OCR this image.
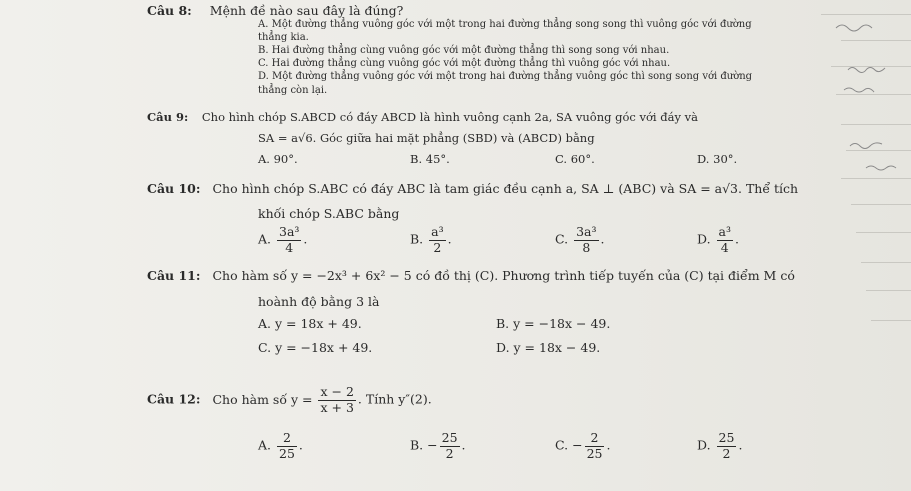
Câu 8: Mệnh đề nào sau đây là đúng?
A. Một đường thẳng vuông góc với một trong hai đường thẳng song song thì vuông góc với đường
thẳng kia.
B. Hai đường thẳng cùng vuông góc với một đường thẳng thì song song với nhau.
C. Hai đường thẳng cùng vuông góc với một đường thẳng thì vuông góc với nhau.
D. Một đường thẳng vuông góc với một trong hai đường thẳng vuông góc thì song song với đường
thẳng còn lại.
Câu 9: Cho hình chóp S.ABCD có đáy ABCD là hình vuông cạnh 2a, SA vuông góc với đáy và
SA = a√6. Góc giữa hai mặt phẳng (SBD) và (ABCD) bằng
A. 90°.	B. 45°.	C. 60°.	D. 30°.
Câu 10: Cho hình chóp S.ABC có đáy ABC là tam giác đều cạnh a, SA ⊥ (ABC) và SA = a√3. Thể tích
khối chóp S.ABC bằng
A. $\frac{\text{3a³}}{4}$ .	B. $\frac{\text{a³}}{2}$ .	C. $\frac{\text{3a³}}{8}$ .	D. $\frac{\text{a³}}{4}$ .
Câu 11: Cho hàm số y = −2x³ + 6x² − 5 có đồ thị (C). Phương trình tiếp tuyến của (C) tại điểm M có
hoành độ bằng 3 là
A. y = 18x + 49.	B. y = −18x − 49.
C. y = −18x + 49.	D. y = 18x − 49.
Câu 12: Cho hàm số $y = \frac{x - 2}{x + 3}$ . Tính y″(2).
A. $\frac{2}{25}$ .	B. − $\frac{25}{2}$ .	C. − $\frac{2}{25}$ .	D. $\frac{25}{2}$ .
